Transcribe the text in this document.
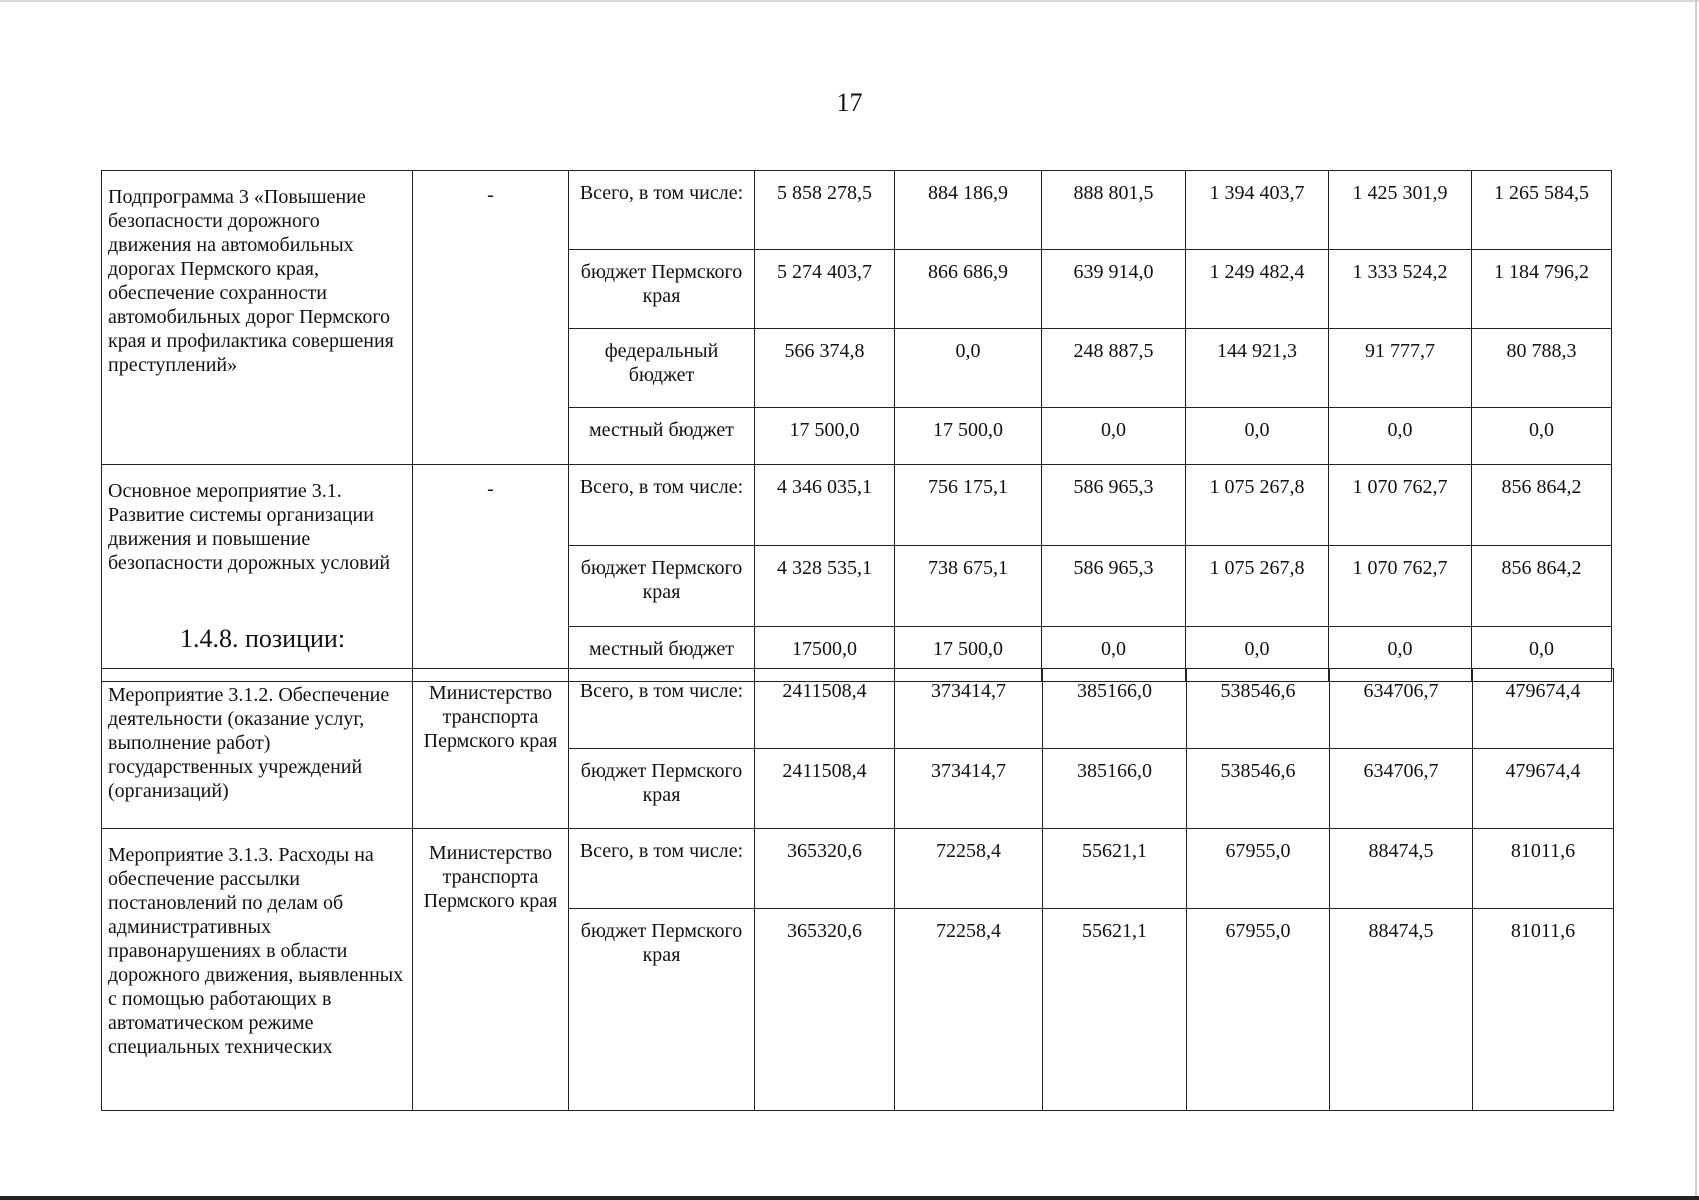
17
Подпрограмма 3 «Повышение безопасности дорожного движения на автомобильных дорогах Пермского края, обеспечение сохранности автомобильных дорог Пермского края и профилактика совершения преступлений»	-	Всего, в том числе:	5 858 278,5	884 186,9	888 801,5	1 394 403,7	1 425 301,9	1 265 584,5
		бюджет Пермского края	5 274 403,7	866 686,9	639 914,0	1 249 482,4	1 333 524,2	1 184 796,2
		федеральный бюджет	566 374,8	0,0	248 887,5	144 921,3	91 777,7	80 788,3
		местный бюджет	17 500,0	17 500,0	0,0	0,0	0,0	0,0
Основное мероприятие 3.1. Развитие системы организации движения и повышение безопасности дорожных условий	-	Всего, в том числе:	4 346 035,1	756 175,1	586 965,3	1 075 267,8	1 070 762,7	856 864,2
		бюджет Пермского края	4 328 535,1	738 675,1	586 965,3	1 075 267,8	1 070 762,7	856 864,2
		местный бюджет	17500,0	17 500,0	0,0	0,0	0,0	0,0
1.4.8. позиции:
Мероприятие 3.1.2. Обеспечение деятельности (оказание услуг, выполнение работ) государственных учреждений (организаций)	Министерство транспорта Пермского края	Всего, в том числе:	2411508,4	373414,7	385166,0	538546,6	634706,7	479674,4
		бюджет Пермского края	2411508,4	373414,7	385166,0	538546,6	634706,7	479674,4
Мероприятие 3.1.3. Расходы на обеспечение рассылки постановлений по делам об административных правонарушениях в области дорожного движения, выявленных с помощью работающих в автоматическом режиме специальных технических	Министерство транспорта Пермского края	Всего, в том числе:	365320,6	72258,4	55621,1	67955,0	88474,5	81011,6
		бюджет Пермского края	365320,6	72258,4	55621,1	67955,0	88474,5	81011,6
